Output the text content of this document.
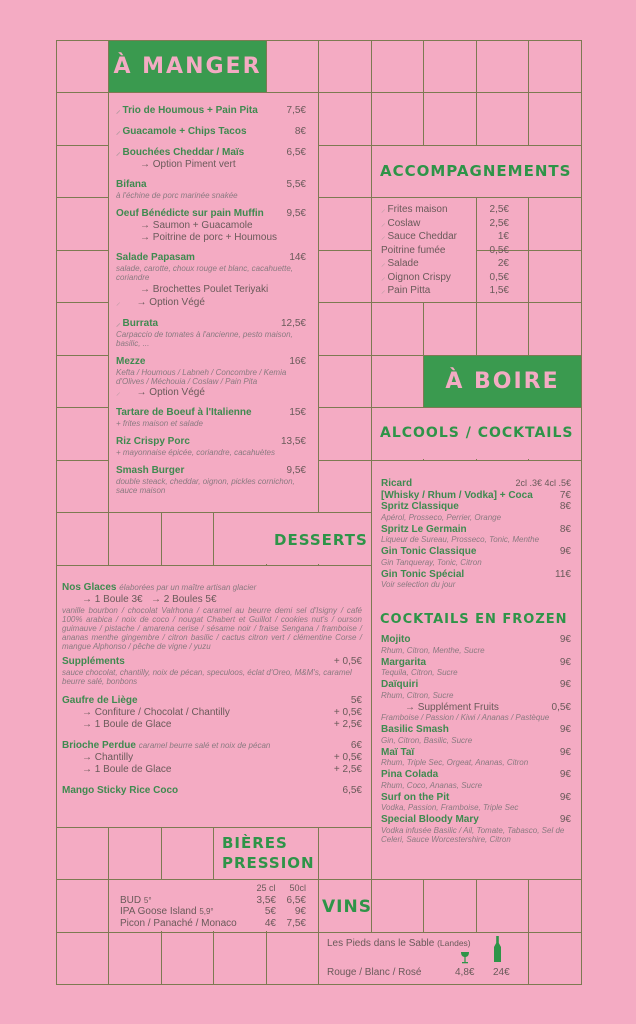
À MANGER
⸝ Trio de Houmous + Pain Pita	7,5€
⸝ Guacamole + Chips Tacos	8€
⸝ Bouchées Cheddar / Maïs	6,5€
→ Option Piment vert
Bifana	5,5€
à l'échine de porc marinée snakée
Oeuf Bénédicte sur pain Muffin 9,5€
→ Saumon + Guacamole
→ Poitrine de porc + Houmous
Salade Papasam	14€
salade, carotte, choux rouge et blanc, cacahuette, coriandre
→ Brochettes Poulet Teriyaki
⸝ → Option Végé
⸝ Burrata	12,5€
Carpaccio de tomates à l'ancienne, pesto maison, basilic, ...
Mezze	16€
Kefta / Houmous / Labneh / Concombre / Kemia d'Olives / Méchouia / Coslaw / Pain Pita
⸝ → Option Végé
Tartare de Boeuf à l'Italienne	15€
+ frites maison et salade
Riz Crispy Porc	13,5€
+ mayonnaise épicée, coriandre, cacahuètes
Smash Burger	9,5€
double steack, cheddar, oignon, pickles cornichon, sauce maison
ACCOMPAGNEMENTS
⸝ Frites maison	2,5€
⸝ Coslaw	2,5€
⸝ Sauce Cheddar	1€
Poitrine fumée	0,5€
⸝ Salade	2€
⸝ Oignon Crispy	0,5€
⸝ Pain Pitta	1,5€
À BOIRE
ALCOOLS / COCKTAILS
Ricard	2cl .3€ 4cl .5€
[Whisky / Rhum / Vodka] + Coca	7€
Spritz Classique	8€
Apérol, Prosseco, Perrier, Orange
Spritz Le Germain	8€
Liqueur de Sureau, Prosseco, Tonic, Menthe
Gin Tonic Classique	9€
Gin Tanqueray, Tonic, Citron
Gin Tonic Spécial	11€
Voir selection du jour
COCKTAILS EN FROZEN
Mojito	9€
Rhum, Citron, Menthe, Sucre
Margarita	9€
Tequila, Citron, Sucre
Daïquiri	9€
Rhum, Citron, Sucre
→ Supplément Fruits	0,5€
Framboise / Passion / Kiwi / Ananas / Pastèque
Basilic Smash	9€
Gin, Citron, Basilic, Sucre
Maï Taï	9€
Rhum, Triple Sec, Orgeat, Ananas, Citron
Pina Colada	9€
Rhum, Coco, Ananas, Sucre
Surf on the Pit	9€
Vodka, Passion, Framboise, Triple Sec
Special Bloody Mary	9€
Vodka infusée Basilic / Ail, Tomate, Tabasco, Sel de Celeri, Sauce Worcestershire, Citron
DESSERTS
Nos Glaces élaborées par un maître artisan glacier
→ 1 Boule 3€ → 2 Boules 5€
vanille bourbon / chocolat Valrhona / caramel au beurre demi sel d'Isigny / café 100% arabica / noix de coco / nougat Chabert et Guillot / cookies nut's / ourson guimauve / pistache / amarena cerise / sésame noir / fraise Sengana / framboise / ananas menthe gingembre / citron basilic / cactus citron vert / clémentine Corse / mangue Alphonso / pêche de vigne / yuzu
Suppléments	+ 0,5€
sauce chocolat, chantilly, noix de pécan, speculoos, éclat d'Oreo, M&M's, caramel beurre salé, bonbons
Gaufre de Liège	5€
→ Confiture / Chocolat / Chantilly	+ 0,5€
→ 1 Boule de Glace	+ 2,5€
Brioche Perdue caramel beurre salé et noix de pécan	6€
→ Chantilly	+ 0,5€
→ 1 Boule de Glace	+ 2,5€
Mango Sticky Rice Coco	6,5€
BIÈRES
PRESSION
25 cl 50cl
BUD 5°	3,5€	6,5€
IPA Goose Island 5,9°	5€	9€
Picon / Panaché / Monaco	4€	7,5€
VINS
Les Pieds dans le Sable (Landes)
Rouge / Blanc / Rosé	4,8€	24€
